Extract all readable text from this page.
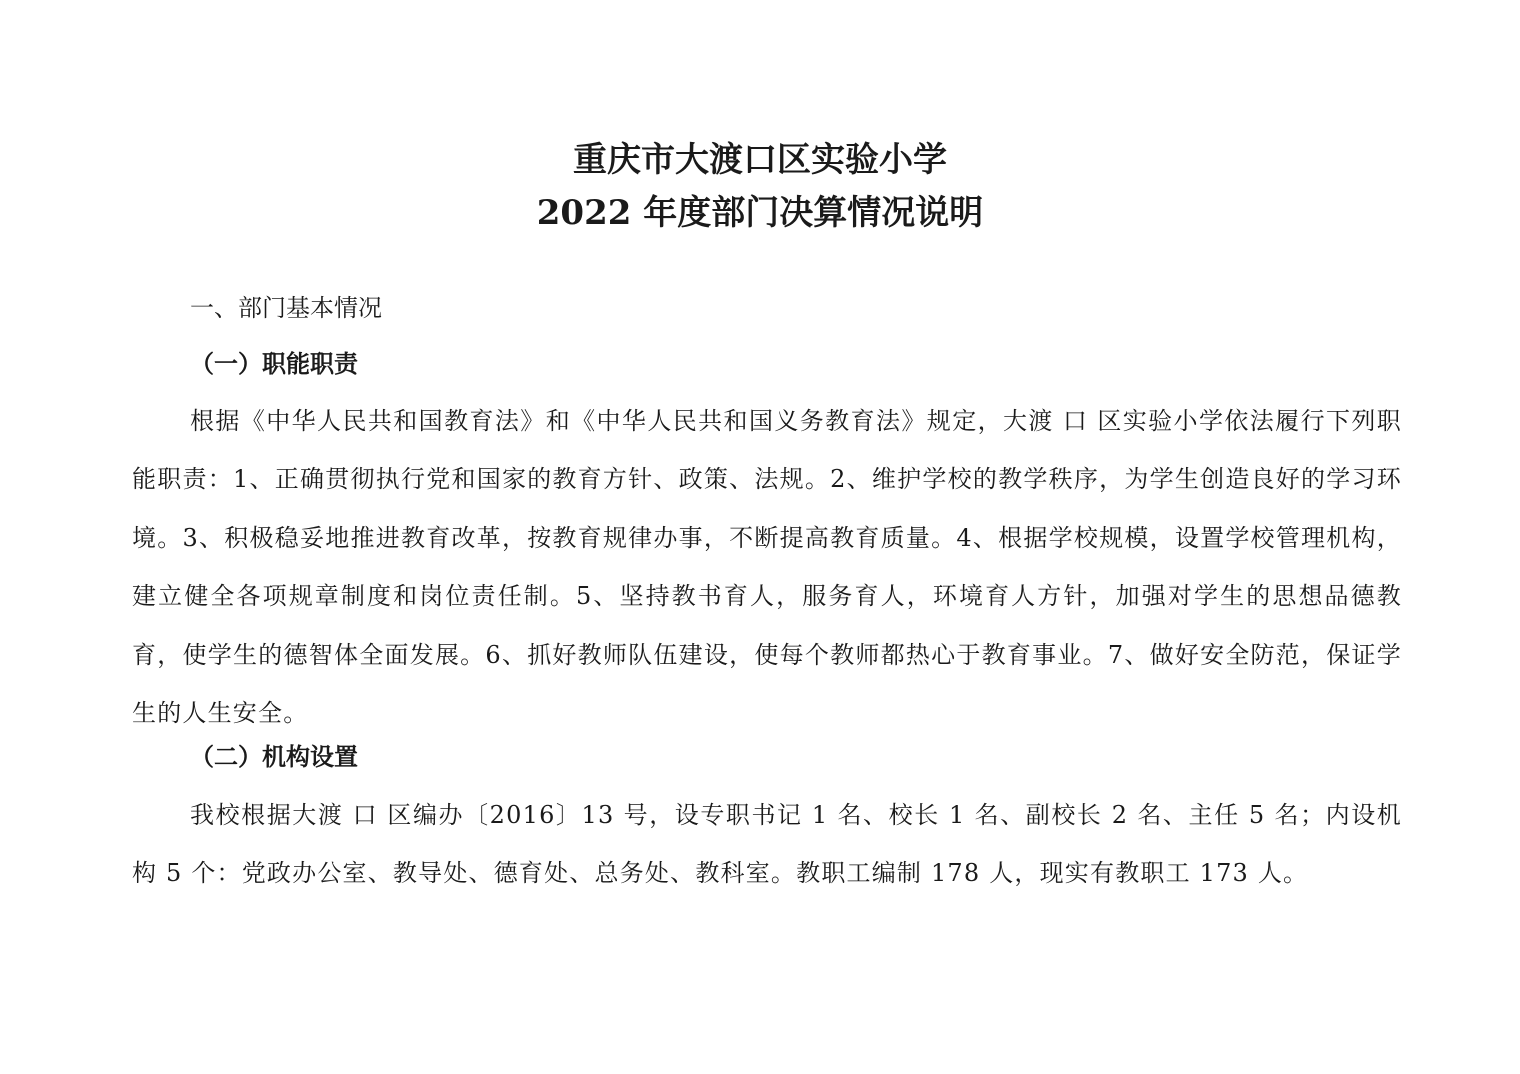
重庆市大渡口区实验小学
2022 年度部门决算情况说明
一、部门基本情况
（一）职能职责

根据《中华人民共和国教育法》和《中华人民共和国义务教育法》规定，大渡 口 区实验小学依法履行下列职能职责：1、正确贯彻执行党和国家的教育方针、政策、法规。2、维护学校的教学秩序，为学生创造良好的学习环境。3、积极稳妥地推进教育改革，按教育规律办事，不断提高教育质量。4、根据学校规模，设置学校管理机构，建立健全各项规章制度和岗位责任制。5、坚持教书育人，服务育人，环境育人方针，加强对学生的思想品德教育，使学生的德智体全面发展。6、抓好教师队伍建设，使每个教师都热心于教育事业。7、做好安全防范，保证学生的人生安全。

（二）机构设置

我校根据大渡 口 区编办〔2016〕13 号，设专职书记 1 名、校长 1 名、副校长 2 名、主任 5 名；内设机构 5 个：党政办公室、教导处、德育处、总务处、教科室。教职工编制 178 人，现实有教职工 173 人。
